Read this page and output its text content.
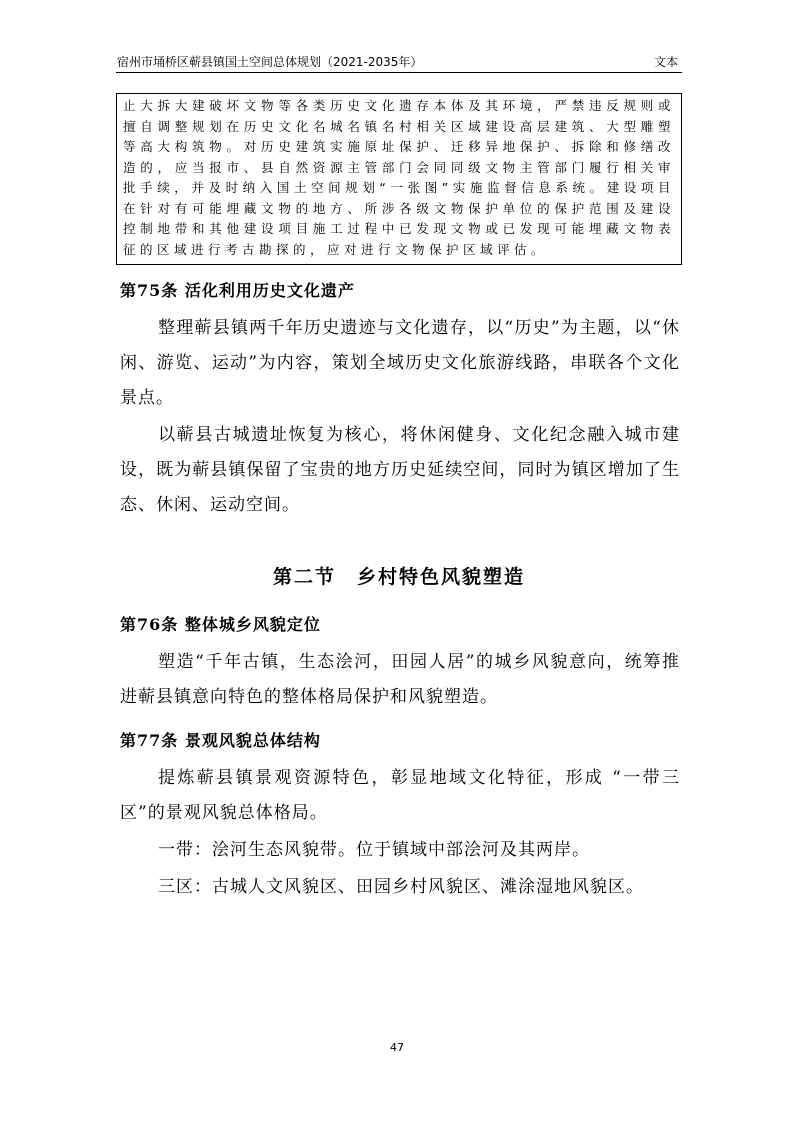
宿州市埇桥区蕲县镇国土空间总体规划（2021-2035年）	文本
止大拆大建破坏文物等各类历史文化遗存本体及其环境，严禁违反规则或擅自调整规划在历史文化名城名镇名村相关区域建设高层建筑、大型雕塑等高大构筑物。对历史建筑实施原址保护、迁移异地保护、拆除和修缮改造的，应当报市、县自然资源主管部门会同同级文物主管部门履行相关审批手续，并及时纳入国土空间规划“一张图”实施监督信息系统。建设项目在针对有可能埋藏文物的地方、所涉各级文物保护单位的保护范围及建设控制地带和其他建设项目施工过程中已发现文物或已发现可能埋藏文物表征的区域进行考古勘探的，应对进行文物保护区域评估。
第75条 活化利用历史文化遗产
整理蕲县镇两千年历史遗迹与文化遗存，以“历史”为主题，以“休闲、游览、运动”为内容，策划全域历史文化旅游线路，串联各个文化景点。
以蕲县古城遗址恢复为核心，将休闲健身、文化纪念融入城市建设，既为蕲县镇保留了宝贵的地方历史延续空间，同时为镇区增加了生态、休闲、运动空间。
第二节　乡村特色风貌塑造
第76条 整体城乡风貌定位
塑造“千年古镇，生态浍河，田园人居”的城乡风貌意向，统筹推进蕲县镇意向特色的整体格局保护和风貌塑造。
第77条 景观风貌总体结构
提炼蕲县镇景观资源特色，彰显地域文化特征，形成 “一带三区”的景观风貌总体格局。
一带：浍河生态风貌带。位于镇域中部浍河及其两岸。
三区：古城人文风貌区、田园乡村风貌区、滩涂湿地风貌区。
47
